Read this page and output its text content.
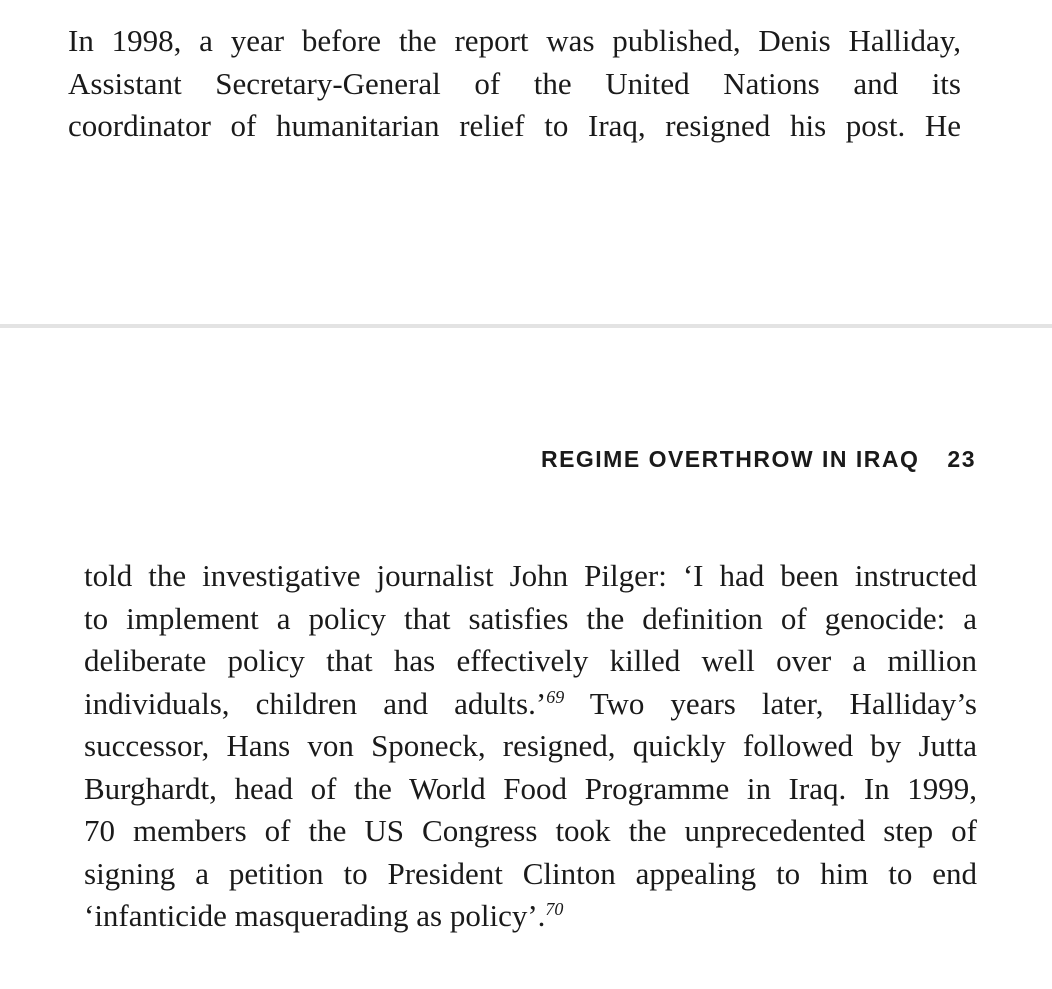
In 1998, a year before the report was published, Denis Halliday,
Assistant Secretary-General of the United Nations and its
coordinator of humanitarian relief to Iraq, resigned his post. He

REGIME OVERTHROW IN IRAQ 23

told the investigative journalist John Pilger: ‘I had been instructed
to implement a policy that satisfies the definition of genocide: a
deliberate policy that has effectively killed well over a million
individuals, children and adults.’$^{69}$ Two years later, Halliday’s
successor, Hans von Sponeck, resigned, quickly followed by Jutta
Burghardt, head of the World Food Programme in Iraq. In 1999,
70 members of the US Congress took the unprecedented step of
signing a petition to President Clinton appealing to him to end
‘infanticide masquerading as policy’.$^{70}$
